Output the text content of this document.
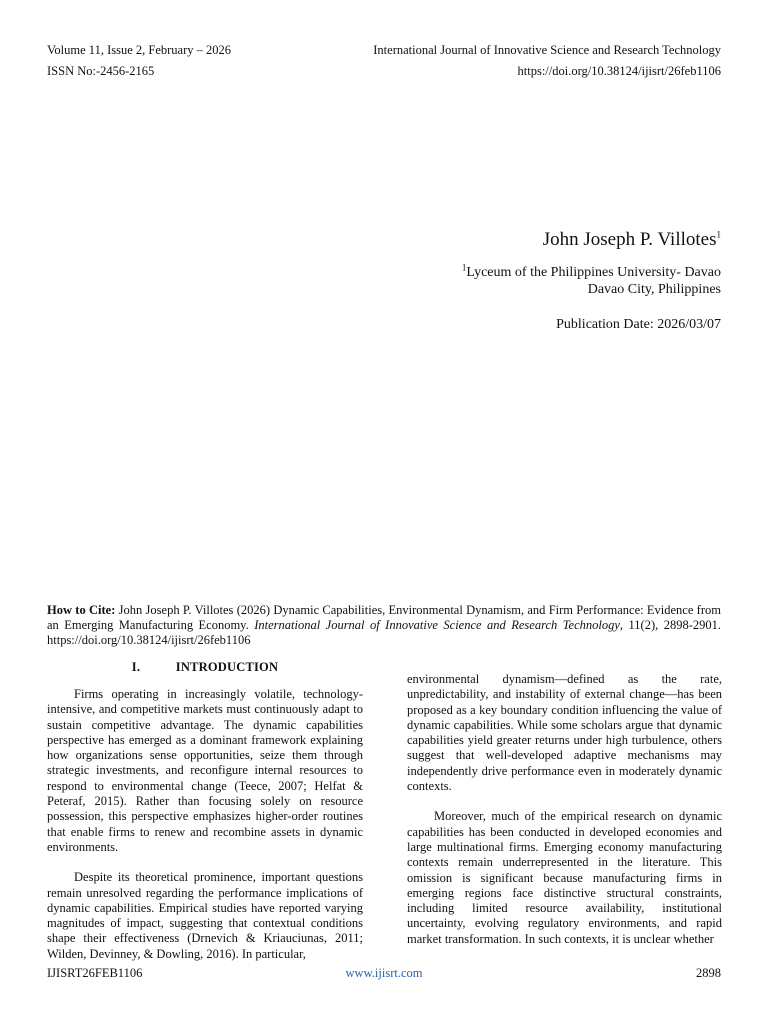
Volume 11, Issue 2, February – 2026
ISSN No:-2456-2165
International Journal of Innovative Science and Research Technology
https://doi.org/10.38124/ijisrt/26feb1106
John Joseph P. Villotes$^1$
$^1$Lyceum of the Philippines University- Davao
Davao City, Philippines
Publication Date: 2026/03/07
How to Cite: John Joseph P. Villotes (2026) Dynamic Capabilities, Environmental Dynamism, and Firm Performance: Evidence from an Emerging Manufacturing Economy. International Journal of Innovative Science and Research Technology, 11(2), 2898-2901. https://doi.org/10.38124/ijisrt/26feb1106
I.	INTRODUCTION

Firms operating in increasingly volatile, technology-intensive, and competitive markets must continuously adapt to sustain competitive advantage. The dynamic capabilities perspective has emerged as a dominant framework explaining how organizations sense opportunities, seize them through strategic investments, and reconfigure internal resources to respond to environmental change (Teece, 2007; Helfat & Peteraf, 2015). Rather than focusing solely on resource possession, this perspective emphasizes higher-order routines that enable firms to renew and recombine assets in dynamic environments.

Despite its theoretical prominence, important questions remain unresolved regarding the performance implications of dynamic capabilities. Empirical studies have reported varying magnitudes of impact, suggesting that contextual conditions shape their effectiveness (Drnevich & Kriauciunas, 2011; Wilden, Devinney, & Dowling, 2016). In particular,

environmental dynamism—defined as the rate, unpredictability, and instability of external change—has been proposed as a key boundary condition influencing the value of dynamic capabilities. While some scholars argue that dynamic capabilities yield greater returns under high turbulence, others suggest that well-developed adaptive mechanisms may independently drive performance even in moderately dynamic contexts.

Moreover, much of the empirical research on dynamic capabilities has been conducted in developed economies and large multinational firms. Emerging economy manufacturing contexts remain underrepresented in the literature. This omission is significant because manufacturing firms in emerging regions face distinctive structural constraints, including limited resource availability, institutional uncertainty, evolving regulatory environments, and rapid market transformation. In such contexts, it is unclear whether

IJISRT26FEB1106	www.ijisrt.com	2898
